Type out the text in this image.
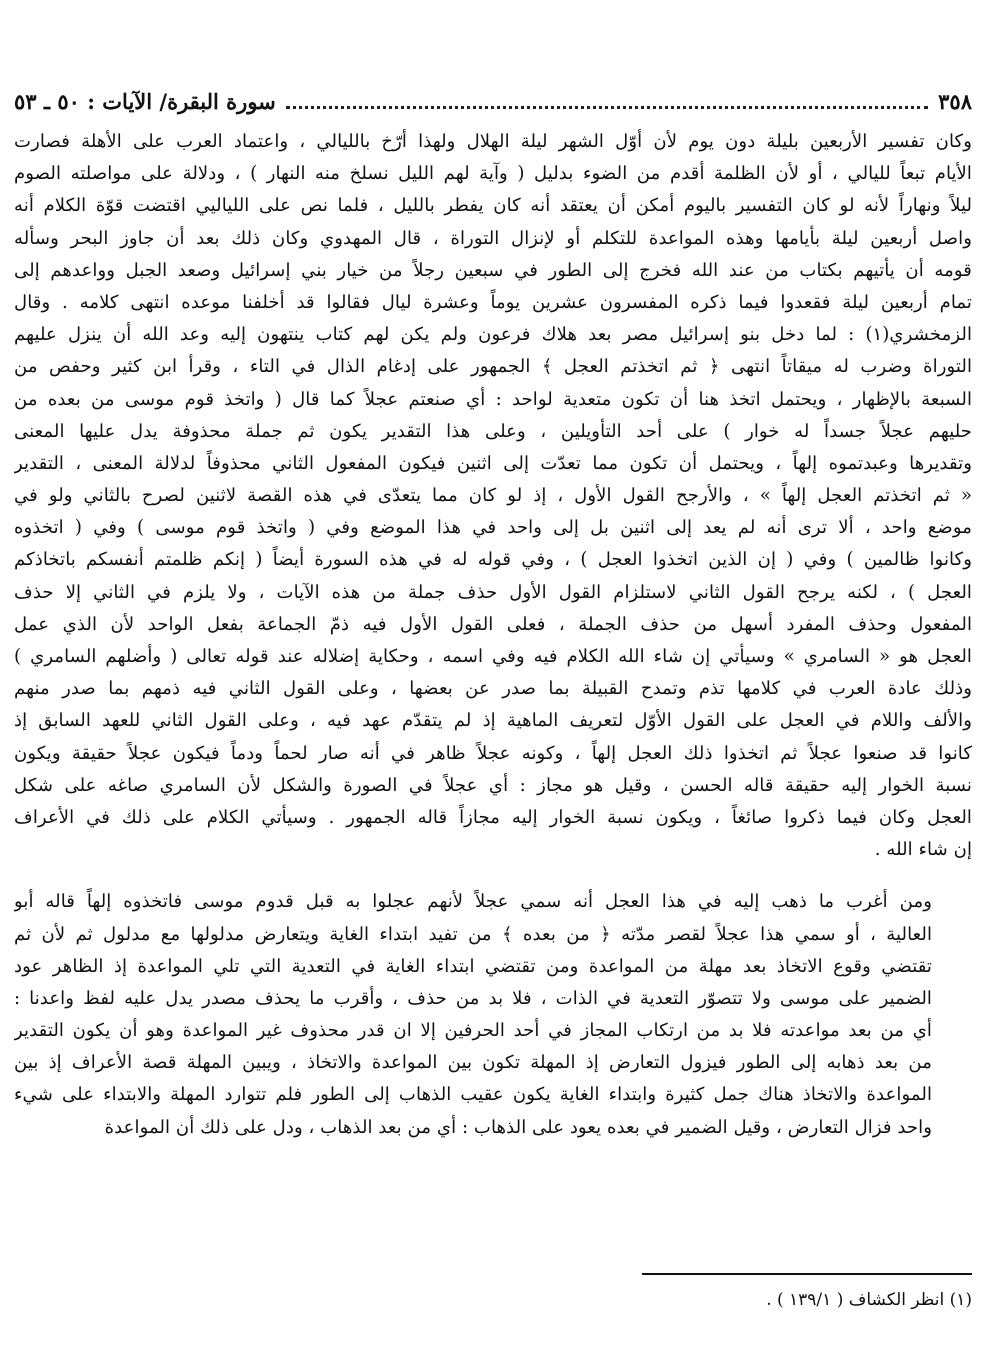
٣٥٨
سورة البقرة/ الآيات : ٥٠ ـ ٥٣

وكان تفسير الأربعين بليلة دون يوم لأن أوّل الشهر ليلة الهلال ولهذا أرّخ بالليالي ، واعتماد العرب على الأهلة فصارت
الأيام تبعاً لليالي ، أو لأن الظلمة أقدم من الضوء بدليل ( وآية لهم الليل نسلخ منه النهار ) ، ودلالة على مواصلته الصوم
ليلاً ونهاراً لأنه لو كان التفسير باليوم أمكن أن يعتقد أنه كان يفطر بالليل ، فلما نص على اللياليي اقتضت قوّة الكلام أنه
واصل أربعين ليلة بأيامها وهذه المواعدة للتكلم أو لإنزال التوراة ، قال المهدوي وكان ذلك بعد أن جاوز البحر وسأله
قومه أن يأتيهم بكتاب من عند الله فخرج إلى الطور في سبعين رجلاً من خيار بني إسرائيل وصعد الجبل وواعدهم إلى
تمام أربعين ليلة فقعدوا فيما ذكره المفسرون عشرين يوماً وعشرة ليال فقالوا قد أخلفنا موعده انتهى كلامه . وقال
الزمخشري(١) : لما دخل بنو إسرائيل مصر بعد هلاك فرعون ولم يكن لهم كتاب ينتهون إليه وعد الله أن ينزل عليهم
التوراة وضرب له ميقاتاً انتهى ﴿ ثم اتخذتم العجل ﴾ الجمهور على إدغام الذال في التاء ، وقرأ ابن كثير وحفص من
السبعة بالإظهار ، ويحتمل اتخذ هنا أن تكون متعدية لواحد : أي صنعتم عجلاً كما قال ( واتخذ قوم موسى من بعده من
حليهم عجلاً جسداً له خوار ) على أحد التأويلين ، وعلى هذا التقدير يكون ثم جملة محذوفة يدل عليها المعنى
وتقديرها وعبدتموه إلهاً ، ويحتمل أن تكون مما تعدّت إلى اثنين فيكون المفعول الثاني محذوفاً لدلالة المعنى ، التقدير
« ثم اتخذتم العجل إلهاً » ، والأرجح القول الأول ، إذ لو كان مما يتعدّى في هذه القصة لاثنين لصرح بالثاني ولو في
موضع واحد ، ألا ترى أنه لم يعد إلى اثنين بل إلى واحد في هذا الموضع وفي ( واتخذ قوم موسى ) وفي ( اتخذوه
وكانوا ظالمين ) وفي ( إن الذين اتخذوا العجل ) ، وفي قوله له في هذه السورة أيضاً ( إنكم ظلمتم أنفسكم باتخاذكم
العجل ) ، لكنه يرجح القول الثاني لاستلزام القول الأول حذف جملة من هذه الآيات ، ولا يلزم في الثاني إلا حذف
المفعول وحذف المفرد أسهل من حذف الجملة ، فعلى القول الأول فيه ذمّ الجماعة بفعل الواحد لأن الذي عمل
العجل هو « السامري » وسيأتي إن شاء الله الكلام فيه وفي اسمه ، وحكاية إضلاله عند قوله تعالى ( وأضلهم السامري )
وذلك عادة العرب في كلامها تذم وتمدح القبيلة بما صدر عن بعضها ، وعلى القول الثاني فيه ذمهم بما صدر منهم
والألف واللام في العجل على القول الأوّل لتعريف الماهية إذ لم يتقدّم عهد فيه ، وعلى القول الثاني للعهد السابق إذ
كانوا قد صنعوا عجلاً ثم اتخذوا ذلك العجل إلهاً ، وكونه عجلاً ظاهر في أنه صار لحماً ودماً فيكون عجلاً حقيقة ويكون
نسبة الخوار إليه حقيقة قاله الحسن ، وقيل هو مجاز : أي عجلاً في الصورة والشكل لأن السامري صاغه على شكل
العجل وكان فيما ذكروا صائغاً ، ويكون نسبة الخوار إليه مجازاً قاله الجمهور . وسيأتي الكلام على ذلك في الأعراف
إن شاء الله .

ومن أغرب ما ذهب إليه في هذا العجل أنه سمي عجلاً لأنهم عجلوا به قبل قدوم موسى فاتخذوه إلهاً قاله أبو
العالية ، أو سمي هذا عجلاً لقصر مدّته ﴿ من بعده ﴾ من تفيد ابتداء الغاية ويتعارض مدلولها مع مدلول ثم لأن ثم
تقتضي وقوع الاتخاذ بعد مهلة من المواعدة ومن تقتضي ابتداء الغاية في التعدية التي تلي المواعدة إذ الظاهر عود
الضمير على موسى ولا تتصوّر التعدية في الذات ، فلا بد من حذف ، وأقرب ما يحذف مصدر يدل عليه لفظ واعدنا :
أي من بعد مواعدته فلا بد من ارتكاب المجاز في أحد الحرفين إلا ان قدر محذوف غير المواعدة وهو أن يكون التقدير
من بعد ذهابه إلى الطور فيزول التعارض إذ المهلة تكون بين المواعدة والاتخاذ ، ويبين المهلة قصة الأعراف إذ بين
المواعدة والاتخاذ هناك جمل كثيرة وابتداء الغاية يكون عقيب الذهاب إلى الطور فلم تتوارد المهلة والابتداء على شيء
واحد فزال التعارض ، وقيل الضمير في بعده يعود على الذهاب : أي من بعد الذهاب ، ودل على ذلك أن المواعدة

(١) انظر الكشاف ( ١٣٩/١ ) .
